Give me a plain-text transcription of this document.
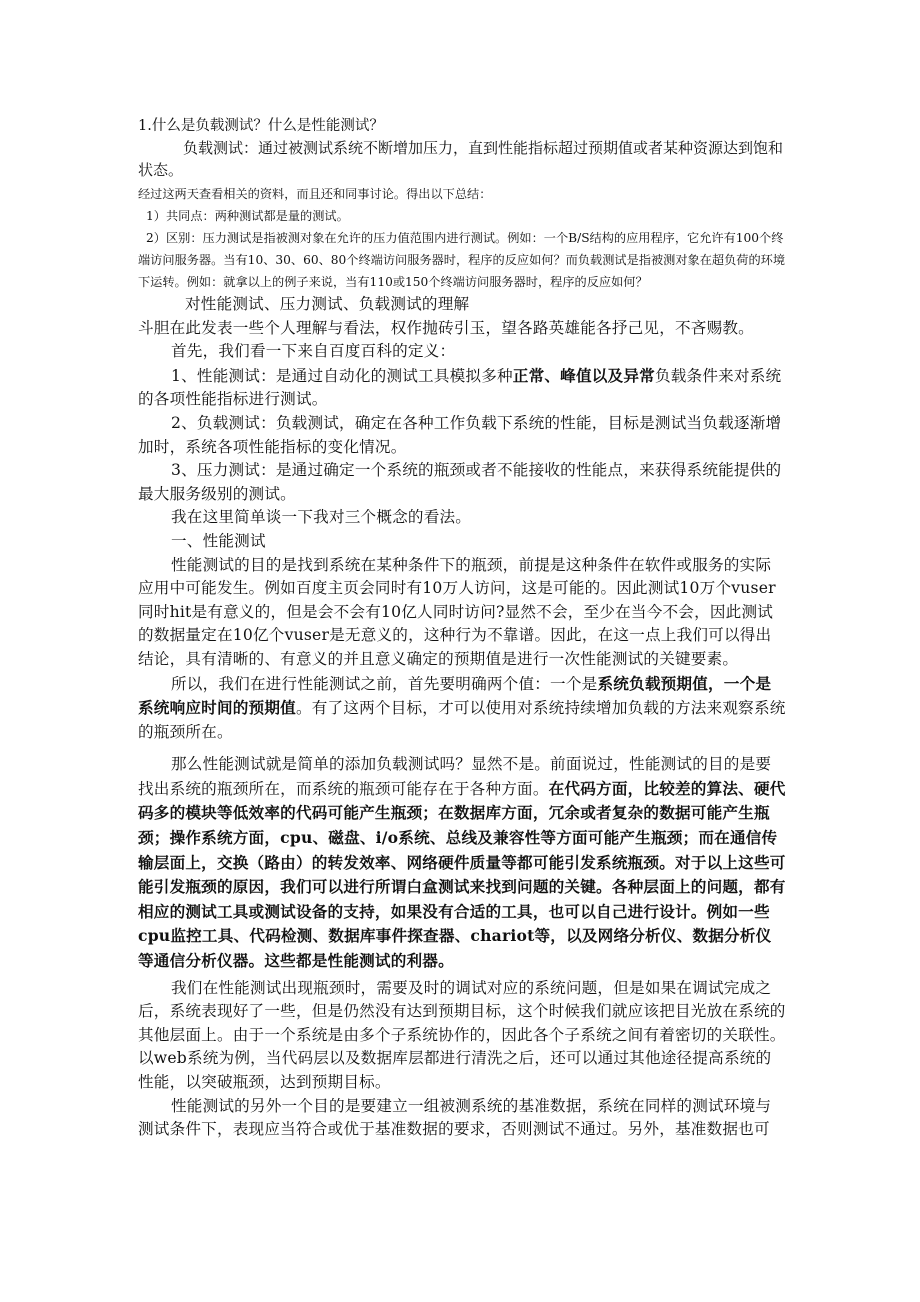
1.什么是负载测试？什么是性能测试？

负载测试：通过被测试系统不断增加压力，直到性能指标超过预期值或者某种资源达到饱和状态。

经过这两天查看相关的资料，而且还和同事讨论。得出以下总结：

1）共同点：两种测试都是量的测试。

2）区别：压力测试是指被测对象在允许的压力值范围内进行测试。例如：一个B/S结构的应用程序，它允许有100个终端访问服务器。当有10、30、60、80个终端访问服务器时，程序的反应如何？而负载测试是指被测对象在超负荷的环境下运转。例如：就拿以上的例子来说，当有110或150个终端访问服务器时，程序的反应如何？

对性能测试、压力测试、负载测试的理解

斗胆在此发表一些个人理解与看法，权作抛砖引玉，望各路英雄能各抒己见，不吝赐教。

首先，我们看一下来自百度百科的定义：

1、性能测试：是通过自动化的测试工具模拟多种正常、峰值以及异常负载条件来对系统的各项性能指标进行测试。

2、负载测试：负载测试，确定在各种工作负载下系统的性能，目标是测试当负载逐渐增加时，系统各项性能指标的变化情况。

3、压力测试：是通过确定一个系统的瓶颈或者不能接收的性能点，来获得系统能提供的最大服务级别的测试。

我在这里简单谈一下我对三个概念的看法。

一、性能测试

性能测试的目的是找到系统在某种条件下的瓶颈，前提是这种条件在软件或服务的实际应用中可能发生。例如百度主页会同时有10万人访问，这是可能的。因此测试10万个vuser同时hit是有意义的，但是会不会有10亿人同时访问?显然不会，至少在当今不会，因此测试的数据量定在10亿个vuser是无意义的，这种行为不靠谱。因此，在这一点上我们可以得出结论，具有清晰的、有意义的并且意义确定的预期值是进行一次性能测试的关键要素。

所以，我们在进行性能测试之前，首先要明确两个值：一个是系统负载预期值，一个是系统响应时间的预期值。有了这两个目标，才可以使用对系统持续增加负载的方法来观察系统的瓶颈所在。

那么性能测试就是简单的添加负载测试吗？显然不是。前面说过，性能测试的目的是要找出系统的瓶颈所在，而系统的瓶颈可能存在于各种方面。在代码方面，比较差的算法、硬代码多的模块等低效率的代码可能产生瓶颈；在数据库方面，冗余或者复杂的数据可能产生瓶颈；操作系统方面，cpu、磁盘、i/o系统、总线及兼容性等方面可能产生瓶颈；而在通信传输层面上，交换（路由）的转发效率、网络硬件质量等都可能引发系统瓶颈。对于以上这些可能引发瓶颈的原因，我们可以进行所谓白盒测试来找到问题的关键。各种层面上的问题，都有相应的测试工具或测试设备的支持，如果没有合适的工具，也可以自己进行设计。例如一些cpu监控工具、代码检测、数据库事件探查器、chariot等，以及网络分析仪、数据分析仪等通信分析仪器。这些都是性能测试的利器。

我们在性能测试出现瓶颈时，需要及时的调试对应的系统问题，但是如果在调试完成之后，系统表现好了一些，但是仍然没有达到预期目标，这个时候我们就应该把目光放在系统的其他层面上。由于一个系统是由多个子系统协作的，因此各个子系统之间有着密切的关联性。以web系统为例，当代码层以及数据库层都进行清洗之后，还可以通过其他途径提高系统的性能，以突破瓶颈，达到预期目标。

性能测试的另外一个目的是要建立一组被测系统的基准数据，系统在同样的测试环境与测试条件下，表现应当符合或优于基准数据的要求，否则测试不通过。另外，基准数据也可
